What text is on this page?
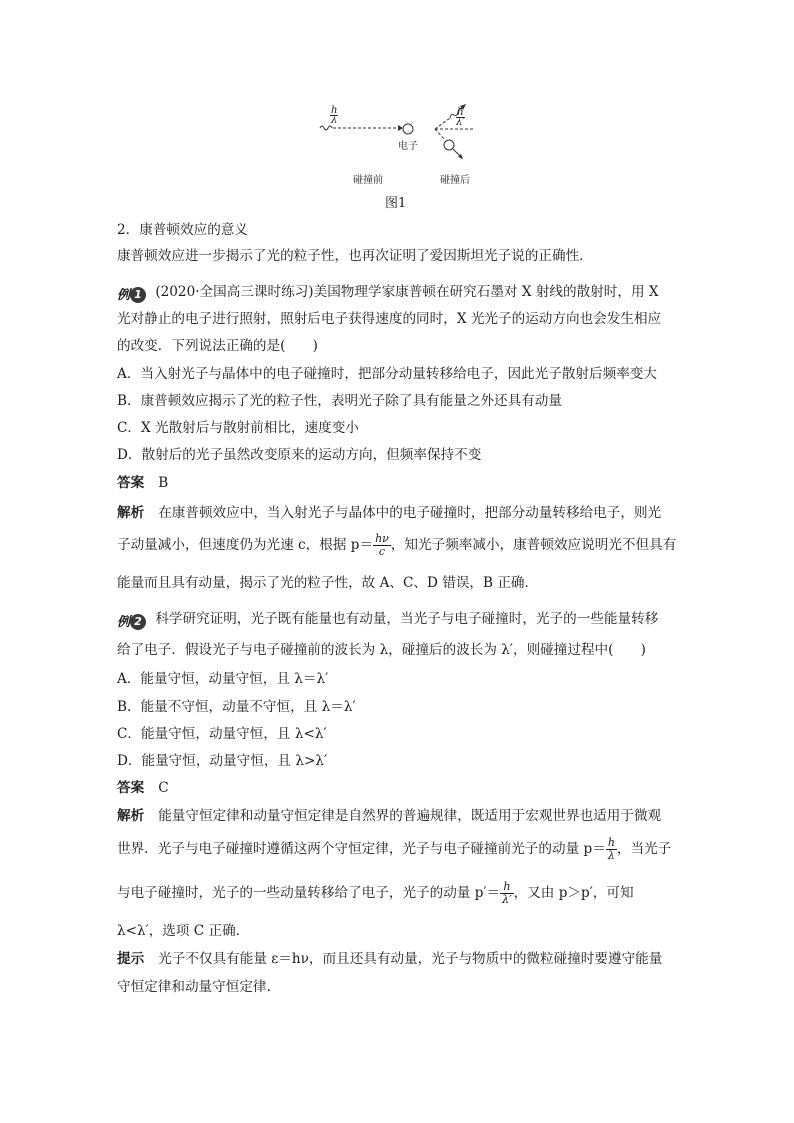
h
λ
h
λ′
电子
碰撞前	碰撞后
图1
2．康普顿效应的意义
康普顿效应进一步揭示了光的粒子性，也再次证明了爱因斯坦光子说的正确性．
例 1 (2020·全国高三课时练习)美国物理学家康普顿在研究石墨对 X 射线的散射时，用 X
光对静止的电子进行照射，照射后电子获得速度的同时，X 光光子的运动方向也会发生相应
的改变．下列说法正确的是(　　)
A．当入射光子与晶体中的电子碰撞时，把部分动量转移给电子，因此光子散射后频率变大
B．康普顿效应揭示了光的粒子性，表明光子除了具有能量之外还具有动量
C．X 光散射后与散射前相比，速度变小
D．散射后的光子虽然改变原来的运动方向，但频率保持不变
答案 B
解析 在康普顿效应中，当入射光子与晶体中的电子碰撞时，把部分动量转移给电子，则光
子动量减小，但速度仍为光速 c，根据 $p= \frac{h\nu}{c}$ ，知光子频率减小，康普顿效应说明光不但具有
能量而且具有动量，揭示了光的粒子性，故 A、C、D 错误，B 正确．
例 2 科学研究证明，光子既有能量也有动量，当光子与电子碰撞时，光子的一些能量转移
给了电子．假设光子与电子碰撞前的波长为 λ，碰撞后的波长为 λ′，则碰撞过程中(　　)
A．能量守恒，动量守恒，且 λ＝λ′
B．能量不守恒，动量不守恒，且 λ＝λ′
C．能量守恒，动量守恒，且 λ<λ′
D．能量守恒，动量守恒，且 λ>λ′
答案 C
解析 能量守恒定律和动量守恒定律是自然界的普遍规律，既适用于宏观世界也适用于微观
世界．光子与电子碰撞时遵循这两个守恒定律，光子与电子碰撞前光子的动量 $p= \frac{h}{\lambda}$ ，当光子
与电子碰撞时，光子的一些动量转移给了电子，光子的动量 $p'= \frac{h}{\lambda'}$ ，又由 p＞p′，可知
λ<λ′，选项 C 正确．
提示 光子不仅具有能量 ε＝hν，而且还具有动量，光子与物质中的微粒碰撞时要遵守能量
守恒定律和动量守恒定律.
